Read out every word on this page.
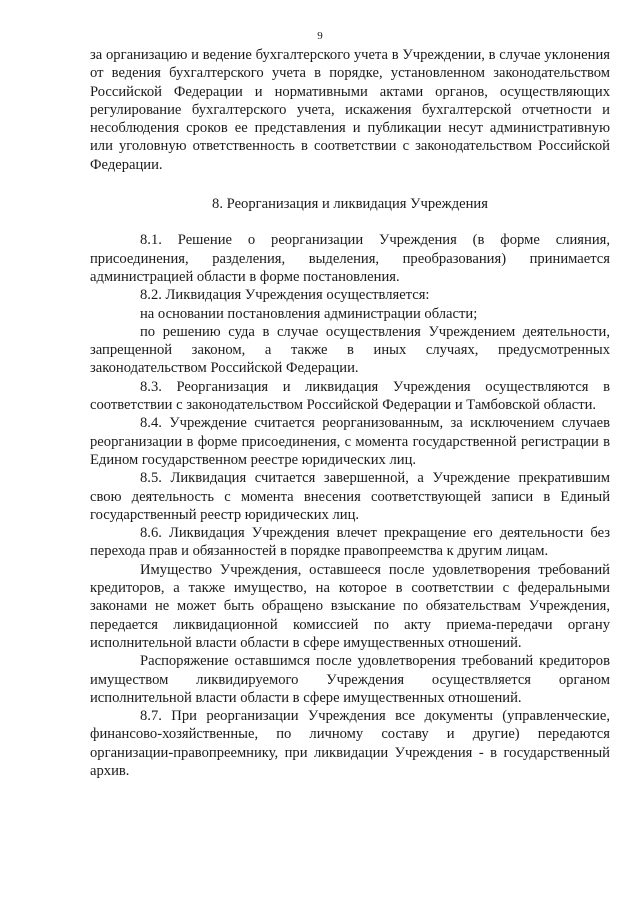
9

за организацию и ведение бухгалтерского учета в Учреждении, в случае уклонения от ведения бухгалтерского учета в порядке, установленном законодательством Российской Федерации и нормативными актами органов, осуществляющих регулирование бухгалтерского учета, искажения бухгалтерской отчетности и несоблюдения сроков ее представления и публикации несут административную или уголовную ответственность в соответствии с законодательством Российской Федерации.

8. Реорганизация и ликвидация Учреждения

8.1. Решение о реорганизации Учреждения (в форме слияния, присоединения, разделения, выделения, преобразования) принимается администрацией области в форме постановления.

8.2. Ликвидация Учреждения осуществляется:

на основании постановления администрации области;

по решению суда в случае осуществления Учреждением деятельности, запрещенной законом, а также в иных случаях, предусмотренных законодательством Российской Федерации.

8.3. Реорганизация и ликвидация Учреждения осуществляются в соответствии с законодательством Российской Федерации и Тамбовской области.

8.4. Учреждение считается реорганизованным, за исключением случаев реорганизации в форме присоединения, с момента государственной регистрации в Едином государственном реестре юридических лиц.

8.5. Ликвидация считается завершенной, а Учреждение прекратившим свою деятельность с момента внесения соответствующей записи в Единый государственный реестр юридических лиц.

8.6. Ликвидация Учреждения влечет прекращение его деятельности без перехода прав и обязанностей в порядке правопреемства к другим лицам.

Имущество Учреждения, оставшееся после удовлетворения требований кредиторов, а также имущество, на которое в соответствии с федеральными законами не может быть обращено взыскание по обязательствам Учреждения, передается ликвидационной комиссией по акту приема-передачи органу исполнительной власти области в сфере имущественных отношений.

Распоряжение оставшимся после удовлетворения требований кредиторов имуществом ликвидируемого Учреждения осуществляется органом исполнительной власти области в сфере имущественных отношений.

8.7. При реорганизации Учреждения все документы (управленческие, финансово-хозяйственные, по личному составу и другие) передаются организации-правопреемнику, при ликвидации Учреждения - в государственный архив.
